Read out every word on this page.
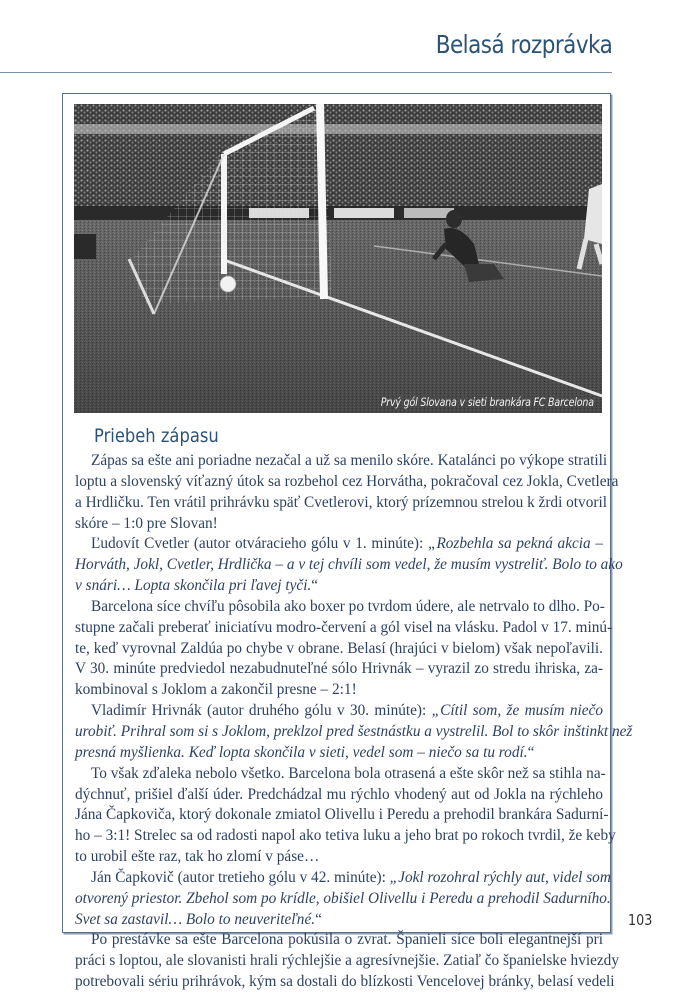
Belasá rozprávka
Prvý gól Slovana v sieti brankára FC Barcelona
Priebeh zápasu
Zápas sa ešte ani poriadne nezačal a už sa menilo skóre. Katalánci po výkope stratili
loptu a slovenský víťazný útok sa rozbehol cez Horvátha, pokračoval cez Jokla, Cvetlera
a Hrdličku. Ten vrátil prihrávku späť Cvetlerovi, ktorý prízemnou strelou k žrdi otvoril
skóre – 1:0 pre Slovan!
Ľudovít Cvetler (autor otváracieho gólu v 1. minúte): „Rozbehla sa pekná akcia –
Horváth, Jokl, Cvetler, Hrdlička – a v tej chvíli som vedel, že musím vystreliť. Bolo to ako
v snári… Lopta skončila pri ľavej tyči.“
Barcelona síce chvíľu pôsobila ako boxer po tvrdom údere, ale netrvalo to dlho. Po-
stupne začali preberať iniciatívu modro-červení a gól visel na vlásku. Padol v 17. minú-
te, keď vyrovnal Zaldúa po chybe v obrane. Belasí (hrajúci v bielom) však nepoľavili.
V 30. minúte predviedol nezabudnuteľné sólo Hrivnák – vyrazil zo stredu ihriska, za-
kombinoval s Joklom a zakončil presne – 2:1!
Vladimír Hrivnák (autor druhého gólu v 30. minúte): „Cítil som, že musím niečo
urobiť. Prihral som si s Joklom, preklzol pred šestnástku a vystrelil. Bol to skôr inštinkt než
presná myšlienka. Keď lopta skončila v sieti, vedel som – niečo sa tu rodí.“
To však zďaleka nebolo všetko. Barcelona bola otrasená a ešte skôr než sa stihla na-
dýchnuť, prišiel ďalší úder. Predchádzal mu rýchlo vhodený aut od Jokla na rýchleho
Jána Čapkoviča, ktorý dokonale zmiatol Olivellu i Peredu a prehodil brankára Sadurní-
ho – 3:1! Strelec sa od radosti napol ako tetiva luku a jeho brat po rokoch tvrdil, že keby
to urobil ešte raz, tak ho zlomí v páse…
Ján Čapkovič (autor tretieho gólu v 42. minúte): „Jokl rozohral rýchly aut, videl som
otvorený priestor. Zbehol som po krídle, obišiel Olivellu i Peredu a prehodil Sadurního.
Svet sa zastavil… Bolo to neuveriteľné.“
Po prestávke sa ešte Barcelona pokúsila o zvrat. Španieli síce boli elegantnejší pri
práci s loptou, ale slovanisti hrali rýchlejšie a agresívnejšie. Zatiaľ čo španielske hviezdy
potrebovali sériu prihrávok, kým sa dostali do blízkosti Vencelovej bránky, belasí vedeli
103
